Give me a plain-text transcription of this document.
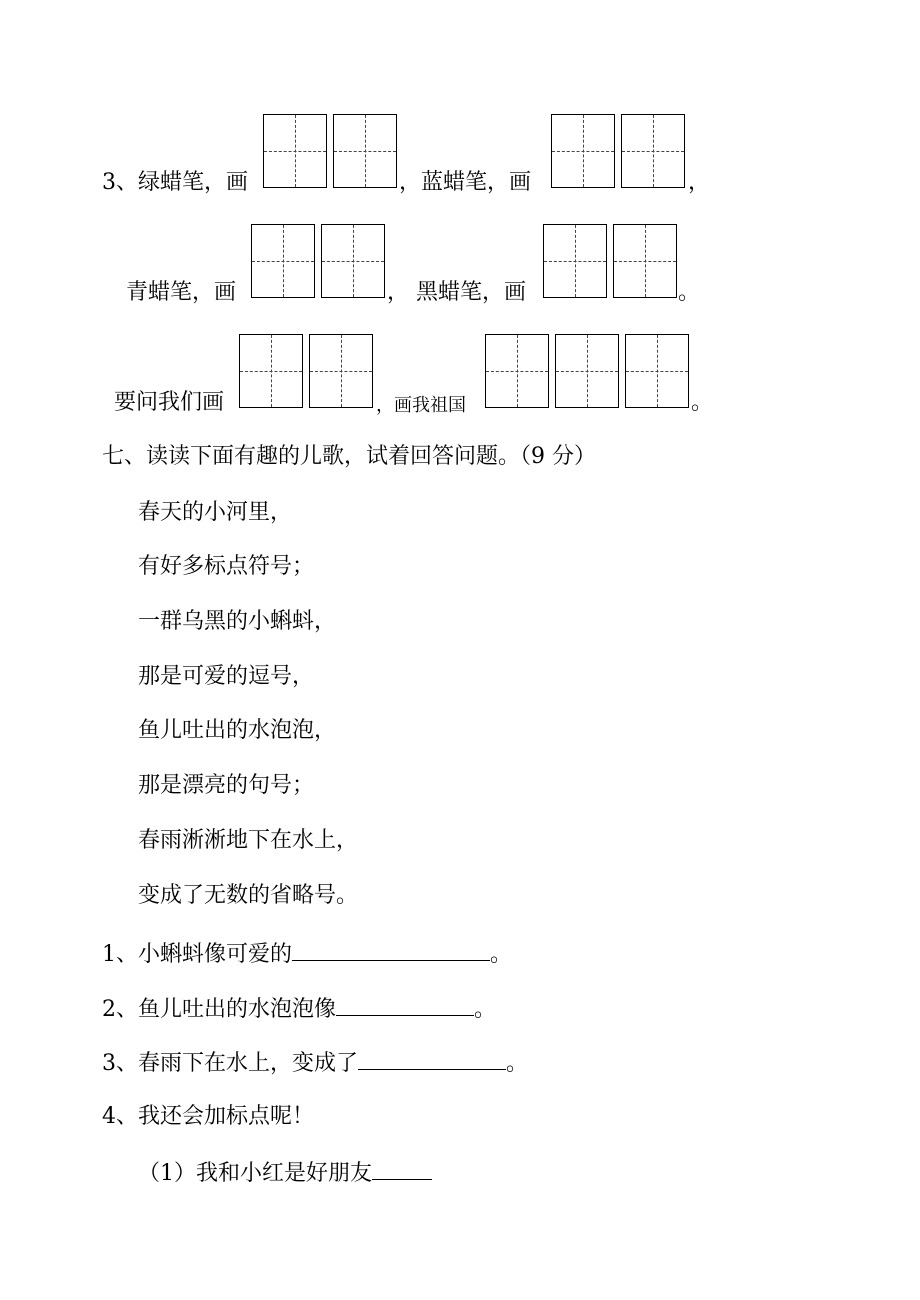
3、绿蜡笔，画	，蓝蜡笔，画	，
青蜡笔，画	， 黑蜡笔，画	。
要问我们画	，画我祖国	。
七、读读下面有趣的儿歌，试着回答问题。（9 分）
春天的小河里，
有好多标点符号；
一群乌黑的小蝌蚪，
那是可爱的逗号，
鱼儿吐出的水泡泡，
那是漂亮的句号；
春雨淅淅地下在水上，
变成了无数的省略号。
1、小蝌蚪像可爱的	。
2、鱼儿吐出的水泡泡像	。
3、春雨下在水上，变成了	。
4、我还会加标点呢！
（1）我和小红是好朋友
